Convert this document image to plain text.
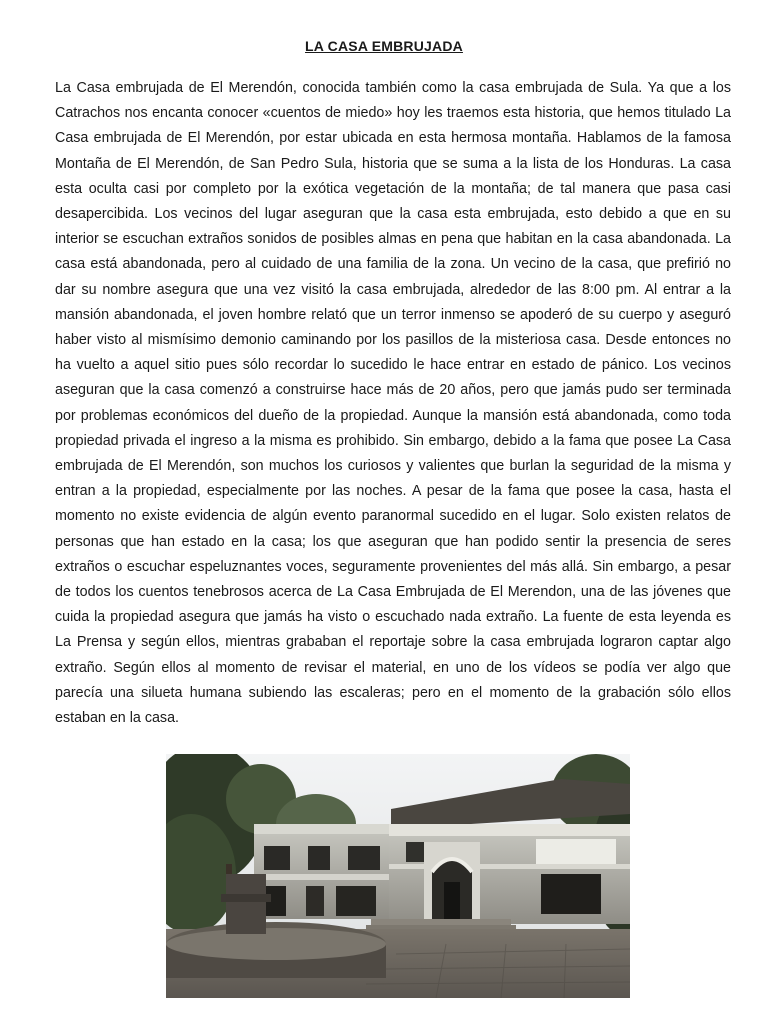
LA CASA EMBRUJADA

La Casa embrujada de El Merendón, conocida también como la casa embrujada de Sula. Ya que a los Catrachos nos encanta conocer «cuentos de miedo» hoy les traemos esta historia, que hemos titulado La Casa embrujada de El Merendón, por estar ubicada en esta hermosa montaña. Hablamos de la famosa Montaña de El Merendón, de San Pedro Sula, historia que se suma a la lista de los Honduras. La casa esta oculta casi por completo por la exótica vegetación de la montaña; de tal manera que pasa casi desapercibida. Los vecinos del lugar aseguran que la casa esta embrujada, esto debido a que en su interior se escuchan extraños sonidos de posibles almas en pena que habitan en la casa abandonada. La casa está abandonada, pero al cuidado de una familia de la zona. Un vecino de la casa, que prefirió no dar su nombre asegura que una vez visitó la casa embrujada, alrededor de las 8:00 pm. Al entrar a la mansión abandonada, el joven hombre relató que un terror inmenso se apoderó de su cuerpo y aseguró haber visto al mismísimo demonio caminando por los pasillos de la misteriosa casa. Desde entonces no ha vuelto a aquel sitio pues sólo recordar lo sucedido le hace entrar en estado de pánico. Los vecinos aseguran que la casa comenzó a construirse hace más de 20 años, pero que jamás pudo ser terminada por problemas económicos del dueño de la propiedad. Aunque la mansión está abandonada, como toda propiedad privada el ingreso a la misma es prohibido. Sin embargo, debido a la fama que posee La Casa embrujada de El Merendón, son muchos los curiosos y valientes que burlan la seguridad de la misma y entran a la propiedad, especialmente por las noches. A pesar de la fama que posee la casa, hasta el momento no existe evidencia de algún evento paranormal sucedido en el lugar. Solo existen relatos de personas que han estado en la casa; los que aseguran que han podido sentir la presencia de seres extraños o escuchar espeluznantes voces, seguramente provenientes del más allá. Sin embargo, a pesar de todos los cuentos tenebrosos acerca de La Casa Embrujada de El Merendon, una de las jóvenes que cuida la propiedad asegura que jamás ha visto o escuchado nada extraño. La fuente de esta leyenda es La Prensa y según ellos, mientras grababan el reportaje sobre la casa embrujada lograron captar algo extraño. Según ellos al momento de revisar el material, en uno de los vídeos se podía ver algo que parecía una silueta humana subiendo las escaleras; pero en el momento de la grabación sólo ellos estaban en la casa.
